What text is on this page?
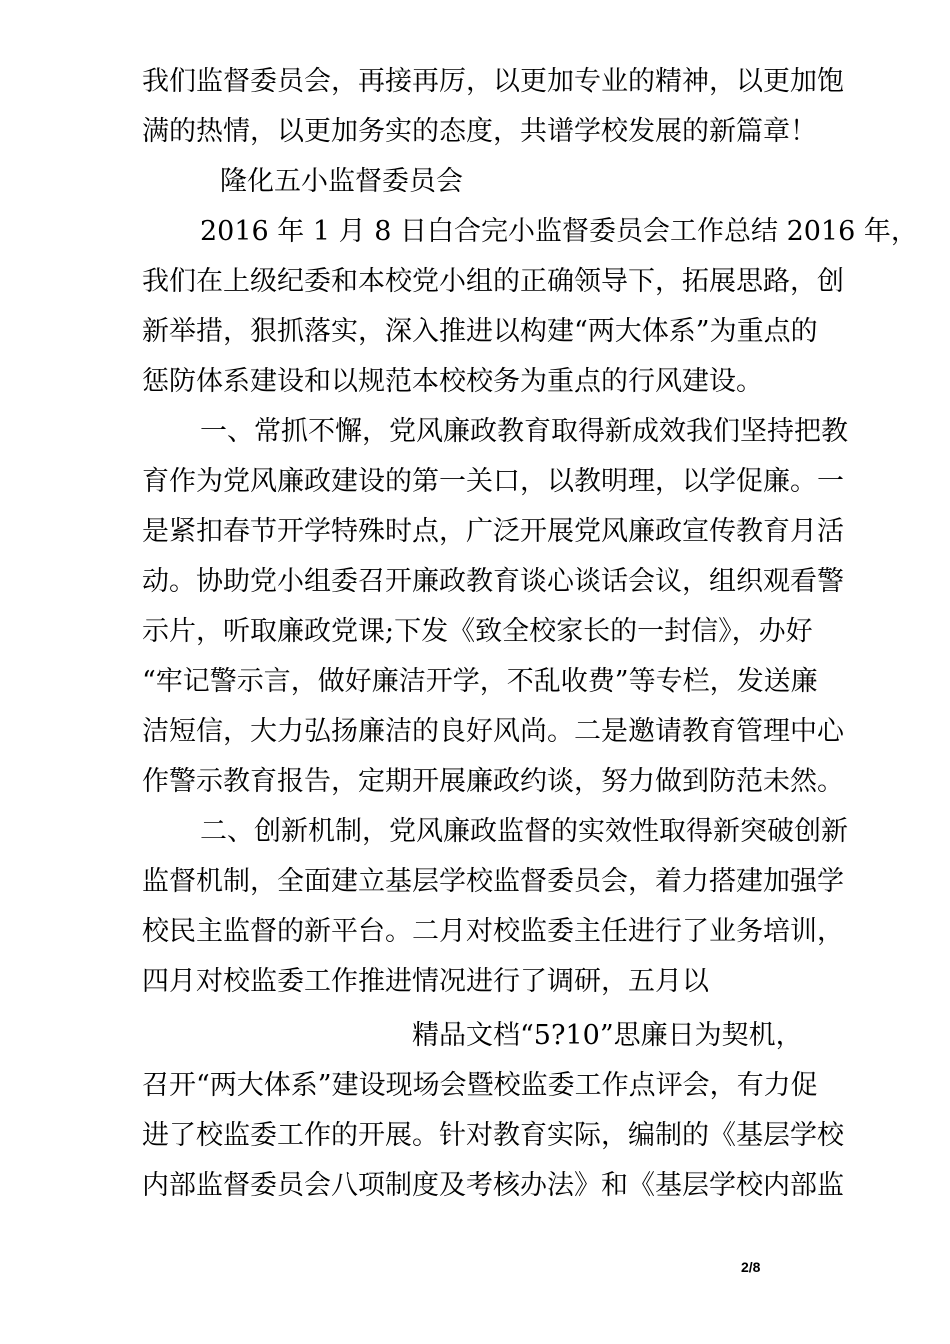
我们监督委员会，再接再厉，以更加专业的精神，以更加饱
满的热情，以更加务实的态度，共谱学校发展的新篇章！
隆化五小监督委员会
2016 年 1 月 8 日白合完小监督委员会工作总结 2016 年，
我们在上级纪委和本校党小组的正确领导下，拓展思路，创
新举措，狠抓落实，深入推进以构建“两大体系”为重点的
惩防体系建设和以规范本校校务为重点的行风建设。
一、常抓不懈，党风廉政教育取得新成效我们坚持把教
育作为党风廉政建设的第一关口，以教明理，以学促廉。一
是紧扣春节开学特殊时点，广泛开展党风廉政宣传教育月活
动。协助党小组委召开廉政教育谈心谈话会议，组织观看警
示片，听取廉政党课;下发《致全校家长的一封信》，办好
“牢记警示言，做好廉洁开学，不乱收费”等专栏，发送廉
洁短信，大力弘扬廉洁的良好风尚。二是邀请教育管理中心
作警示教育报告，定期开展廉政约谈，努力做到防范未然。
二、创新机制，党风廉政监督的实效性取得新突破创新
监督机制，全面建立基层学校监督委员会，着力搭建加强学
校民主监督的新平台。二月对校监委主任进行了业务培训，
四月对校监委工作推进情况进行了调研，五月以
精品文档“5?10”思廉日为契机，
召开“两大体系”建设现场会暨校监委工作点评会，有力促
进了校监委工作的开展。针对教育实际，编制的《基层学校
内部监督委员会八项制度及考核办法》和《基层学校内部监
2/8
